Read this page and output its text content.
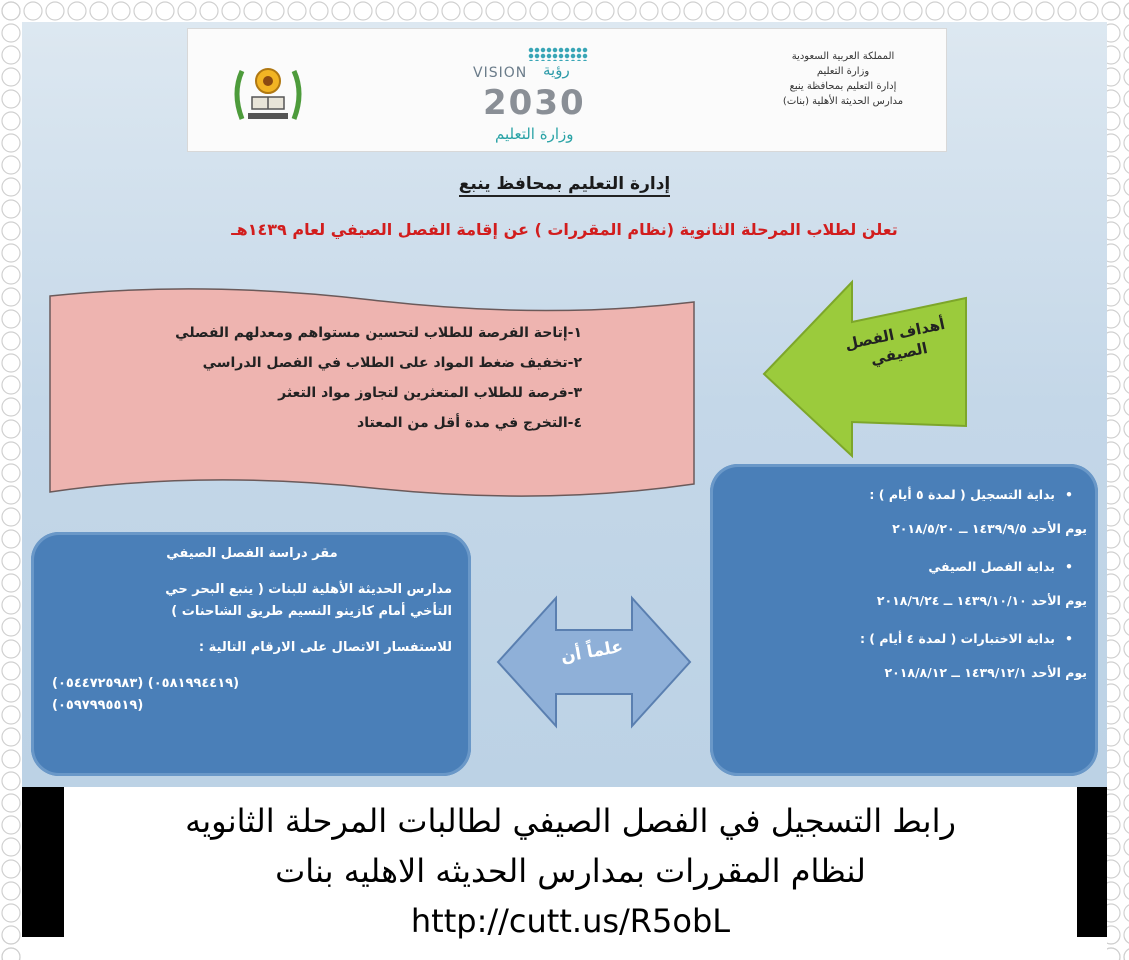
المملكة العربية السعودية
وزارة التعليم
إدارة التعليم بمحافظة ينبع
مدارس الحديثة الأهلية (بنات)
VISION رؤية
2030
وزارة التعليم
إدارة التعليم بمحافظ ينبع
تعلن لطلاب المرحلة الثانوية (نظام المقررات ) عن إقامة الفصل الصيفي لعام ١٤٣٩هـ
١-إتاحة الفرصة للطلاب لتحسين مستواهم ومعدلهم الفصلي
٢-تخفيف ضغط المواد على الطلاب في الفصل الدراسي
٣-فرصة للطلاب المتعثرين لتجاوز مواد التعثر
٤-التخرج في مدة أقل من المعتاد
أهداف الفصل الصيفي
مقر دراسة الفصل الصيفي
مدارس الحديثة الأهلية للبنات ( ينبع البحر حي
التأخي أمام كازينو النسيم طريق الشاحنات )
للاستفسار الاتصال على الارقام التالية :
(٠٥٤٤٧٢٥٩٨٣) (٠٥٨١٩٩٤٤١٩)
(٠٥٩٧٩٩٥٥١٩)
علماً أن
• بداية التسجيل ( لمدة ٥ أيام ) :
يوم الأحد ١٤٣٩/٩/٥ ــ ٢٠١٨/٥/٢٠
• بداية الفصل الصيفي
يوم الأحد ١٤٣٩/١٠/١٠ ــ ٢٠١٨/٦/٢٤
• بداية الاختبارات ( لمدة ٤ أيام ) :
يوم الأحد ١٤٣٩/١٢/١ ــ ٢٠١٨/٨/١٢
رابط التسجيل في الفصل الصيفي لطالبات المرحلة الثانويه
لنظام المقررات بمدارس الحديثه الاهليه بنات
http://cutt.us/R5obL
